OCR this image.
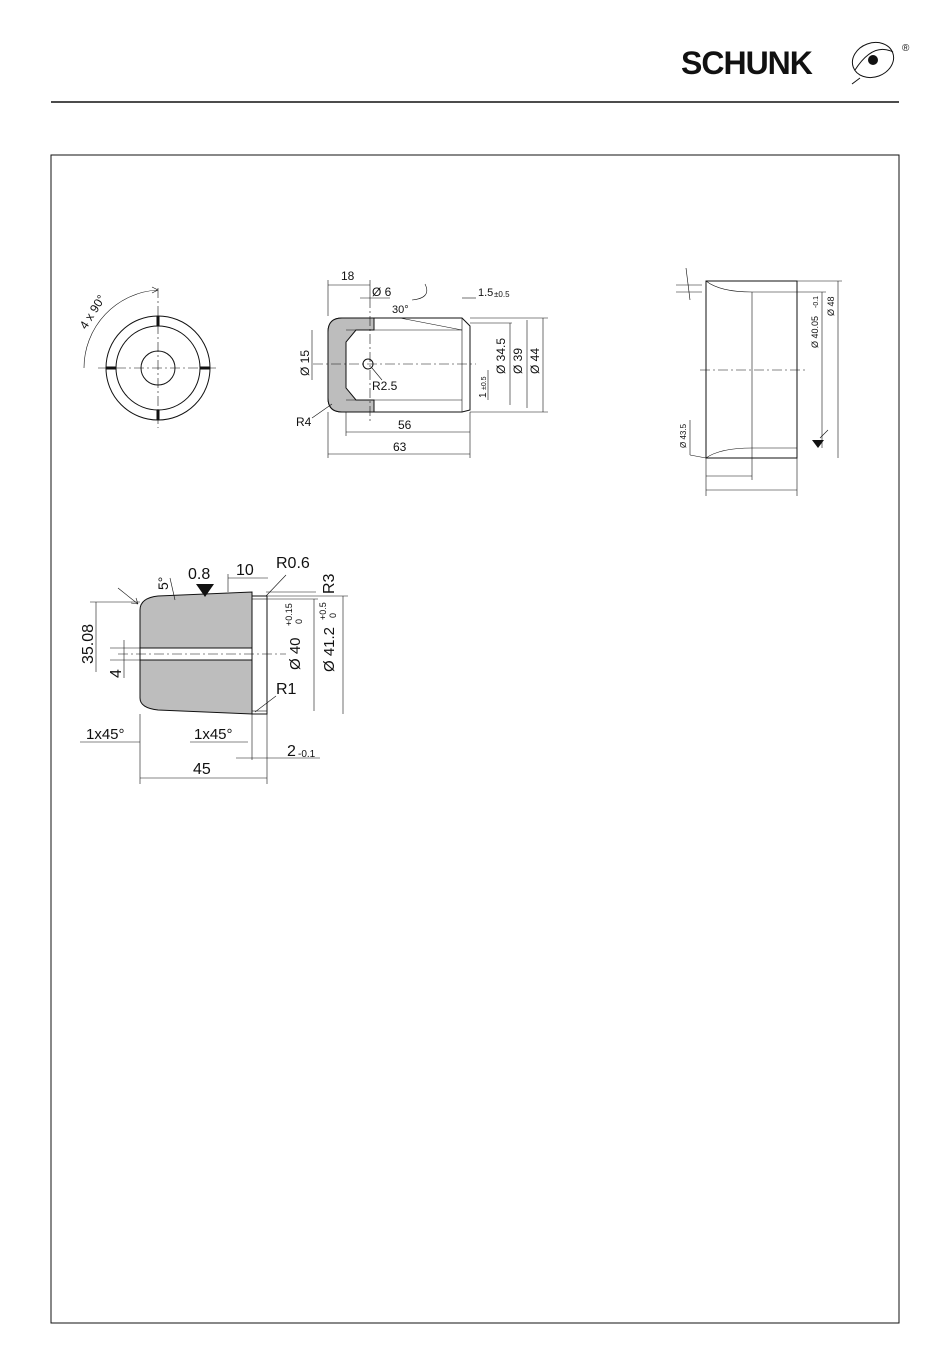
SCHUNK	®
4 x 90°
18
Ø 6	1.5 ±0.5
30°
Ø 15
R2.5
Ø 34.5 Ø 39 Ø 44
1
±0.5
R4	56
63
Ø 40.05
-0.1 Ø 48
Ø 43.5
5°
0.8 10 R0.6
R3
35.08
4
Ø 40
+0.15 0
Ø 41.2
+0.5 0
R1
1x45°	1x45°
2 -0.1
45
